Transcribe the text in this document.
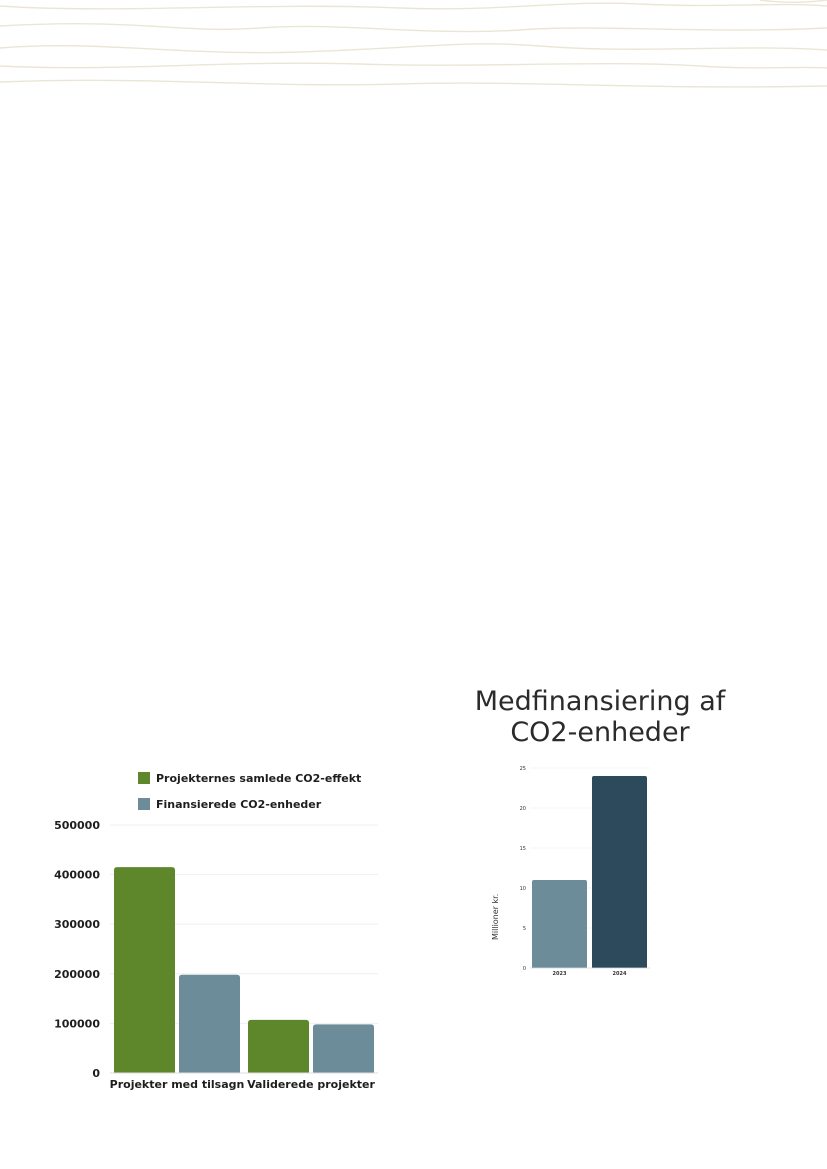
Projekternes samlede CO2-effekt
Finansierede CO2-enheder
0
100000
200000
300000
400000
500000
Projekter med tilsagn Validerede projekter
Medfinansiering af
CO2-enheder
Millioner kr.
0
5
10
15
20
25
2023	2024
